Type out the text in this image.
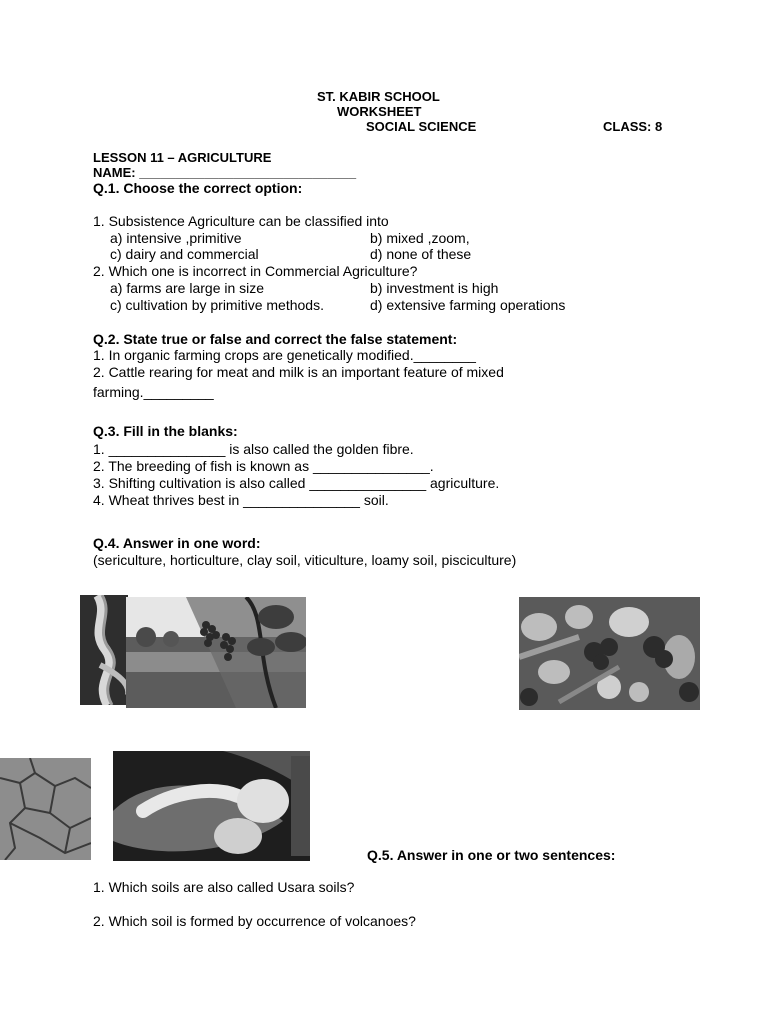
ST. KABIR SCHOOL
WORKSHEET
SOCIAL SCIENCE	CLASS: 8
LESSON 11 – AGRICULTURE
NAME: ______________________________
Q.1. Choose the correct option:
1. Subsistence Agriculture can be classified into
a) intensive ,primitive	b) mixed ,zoom,
c) dairy and commercial	d) none of these
2. Which one is incorrect in Commercial Agriculture?
a) farms are large in size	b) investment is high
c) cultivation by primitive methods.	d) extensive farming operations
Q.2. State true or false and correct the false statement:
1. In organic farming crops are genetically modified.________
2. Cattle rearing for meat and milk is an important feature of mixed
farming._________
Q.3. Fill in the blanks:
1. _______________ is also called the golden fibre.
2. The breeding of fish is known as _______________.
3. Shifting cultivation is also called _______________ agriculture.
4. Wheat thrives best in _______________ soil.
Q.4. Answer in one word:
(sericulture, horticulture, clay soil, viticulture, loamy soil, pisciculture)
Q.5. Answer in one or two sentences:
1. Which soils are also called Usara soils?
2. Which soil is formed by occurrence of volcanoes?
